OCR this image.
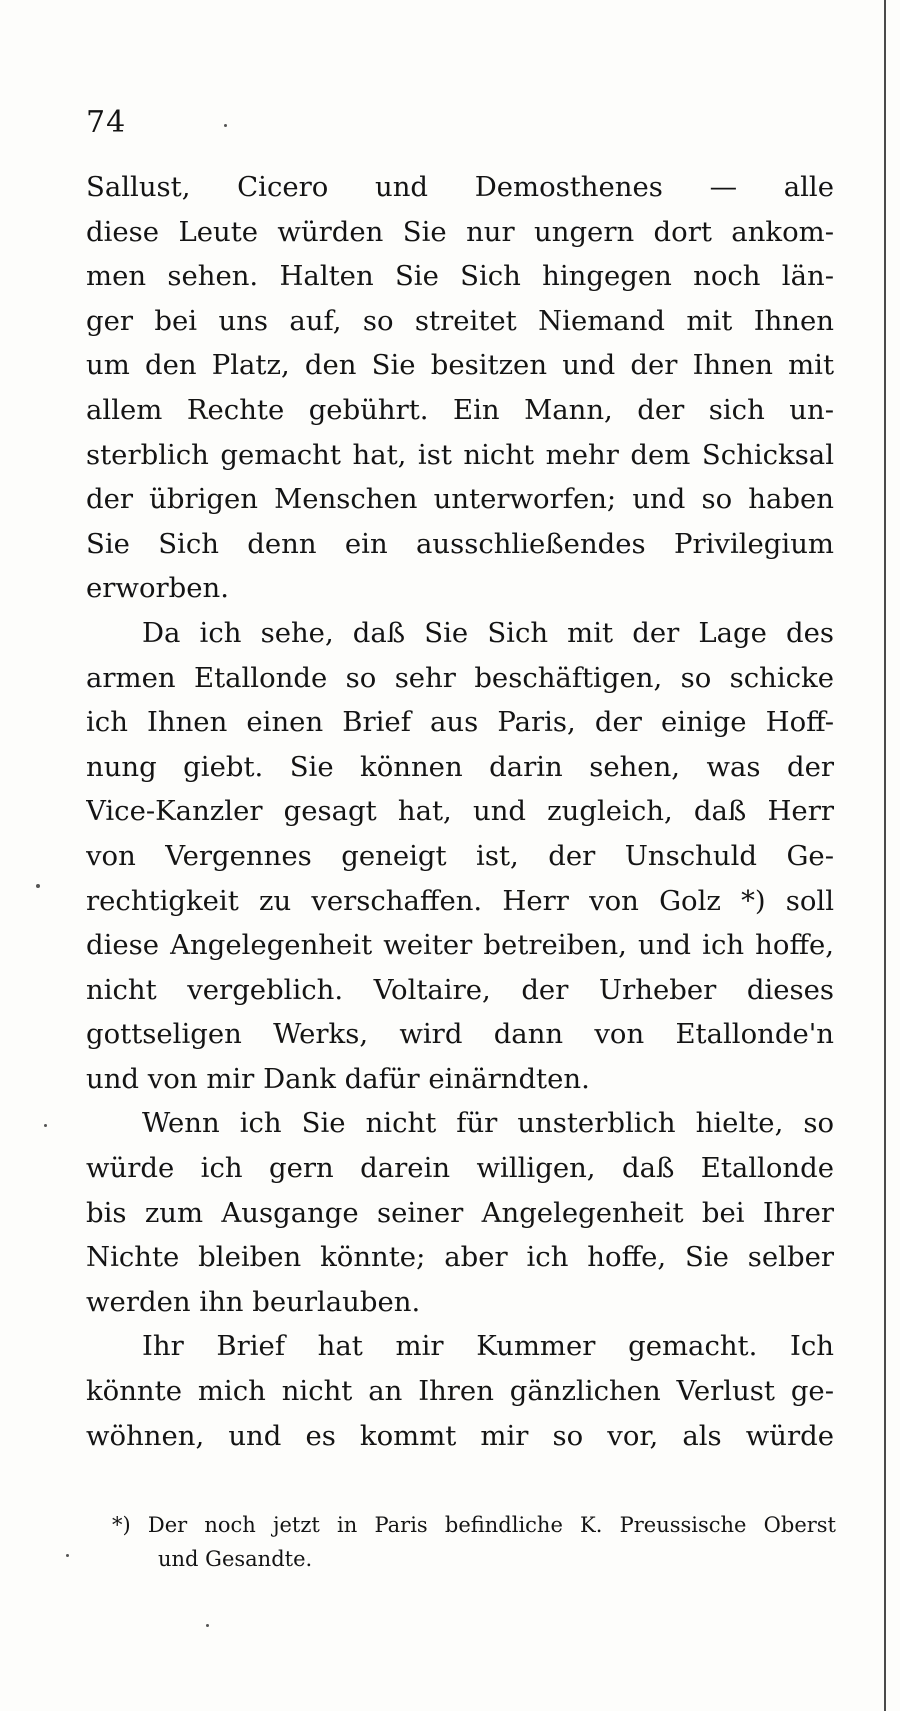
74
Sallust, Cicero und Demosthenes — alle
diese Leute würden Sie nur ungern dort ankom-
men sehen. Halten Sie Sich hingegen noch län-
ger bei uns auf, so streitet Niemand mit Ihnen
um den Platz, den Sie besitzen und der Ihnen mit
allem Rechte gebührt. Ein Mann, der sich un-
sterblich gemacht hat, ist nicht mehr dem Schicksal
der übrigen Menschen unterworfen; und so haben
Sie Sich denn ein ausschließendes Privilegium
erworben.
Da ich sehe, daß Sie Sich mit der Lage des
armen Etallonde so sehr beschäftigen, so schicke
ich Ihnen einen Brief aus Paris, der einige Hoff-
nung giebt. Sie können darin sehen, was der
Vice-Kanzler gesagt hat, und zugleich, daß Herr
von Vergennes geneigt ist, der Unschuld Ge-
rechtigkeit zu verschaffen. Herr von Golz *) soll
diese Angelegenheit weiter betreiben, und ich hoffe,
nicht vergeblich. Voltaire, der Urheber dieses
gottseligen Werks, wird dann von Etallonde'n
und von mir Dank dafür einärndten.
Wenn ich Sie nicht für unsterblich hielte, so
würde ich gern darein willigen, daß Etallonde
bis zum Ausgange seiner Angelegenheit bei Ihrer
Nichte bleiben könnte; aber ich hoffe, Sie selber
werden ihn beurlauben.
Ihr Brief hat mir Kummer gemacht. Ich
könnte mich nicht an Ihren gänzlichen Verlust ge-
wöhnen, und es kommt mir so vor, als würde
*) Der noch jetzt in Paris befindliche K. Preussische Oberst
und Gesandte.
